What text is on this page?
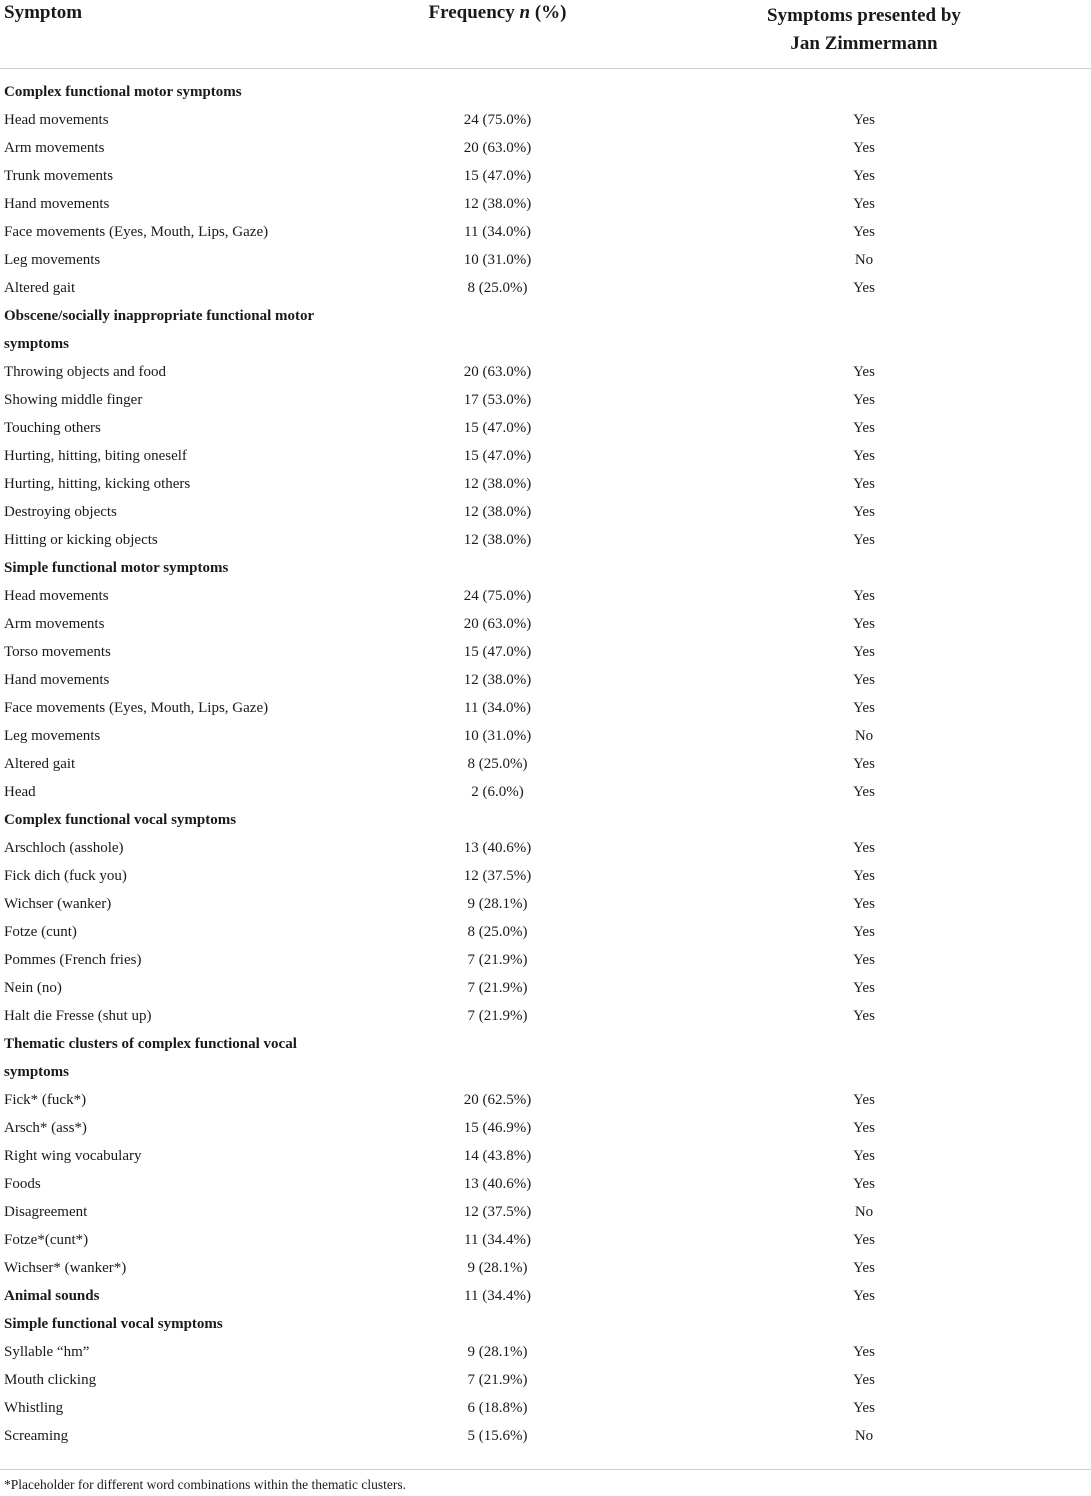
Symptom	Frequency n (%)	Symptoms presented by
Jan Zimmermann
Complex functional motor symptoms
Head movements	24 (75.0%)	Yes
Arm movements	20 (63.0%)	Yes
Trunk movements	15 (47.0%)	Yes
Hand movements	12 (38.0%)	Yes
Face movements (Eyes, Mouth, Lips, Gaze)	11 (34.0%)	Yes
Leg movements	10 (31.0%)	No
Altered gait	8 (25.0%)	Yes
Obscene/socially inappropriate functional motor symptoms
Throwing objects and food	20 (63.0%)	Yes
Showing middle finger	17 (53.0%)	Yes
Touching others	15 (47.0%)	Yes
Hurting, hitting, biting oneself	15 (47.0%)	Yes
Hurting, hitting, kicking others	12 (38.0%)	Yes
Destroying objects	12 (38.0%)	Yes
Hitting or kicking objects	12 (38.0%)	Yes
Simple functional motor symptoms
Head movements	24 (75.0%)	Yes
Arm movements	20 (63.0%)	Yes
Torso movements	15 (47.0%)	Yes
Hand movements	12 (38.0%)	Yes
Face movements (Eyes, Mouth, Lips, Gaze)	11 (34.0%)	Yes
Leg movements	10 (31.0%)	No
Altered gait	8 (25.0%)	Yes
Head	2 (6.0%)	Yes
Complex functional vocal symptoms
Arschloch (asshole)	13 (40.6%)	Yes
Fick dich (fuck you)	12 (37.5%)	Yes
Wichser (wanker)	9 (28.1%)	Yes
Fotze (cunt)	8 (25.0%)	Yes
Pommes (French fries)	7 (21.9%)	Yes
Nein (no)	7 (21.9%)	Yes
Halt die Fresse (shut up)	7 (21.9%)	Yes
Thematic clusters of complex functional vocal symptoms
Fick* (fuck*)	20 (62.5%)	Yes
Arsch* (ass*)	15 (46.9%)	Yes
Right wing vocabulary	14 (43.8%)	Yes
Foods	13 (40.6%)	Yes
Disagreement	12 (37.5%)	No
Fotze*(cunt*)	11 (34.4%)	Yes
Wichser* (wanker*)	9 (28.1%)	Yes
Animal sounds	11 (34.4%)	Yes
Simple functional vocal symptoms
Syllable “hm”	9 (28.1%)	Yes
Mouth clicking	7 (21.9%)	Yes
Whistling	6 (18.8%)	Yes
Screaming	5 (15.6%)	No
*Placeholder for different word combinations within the thematic clusters.
